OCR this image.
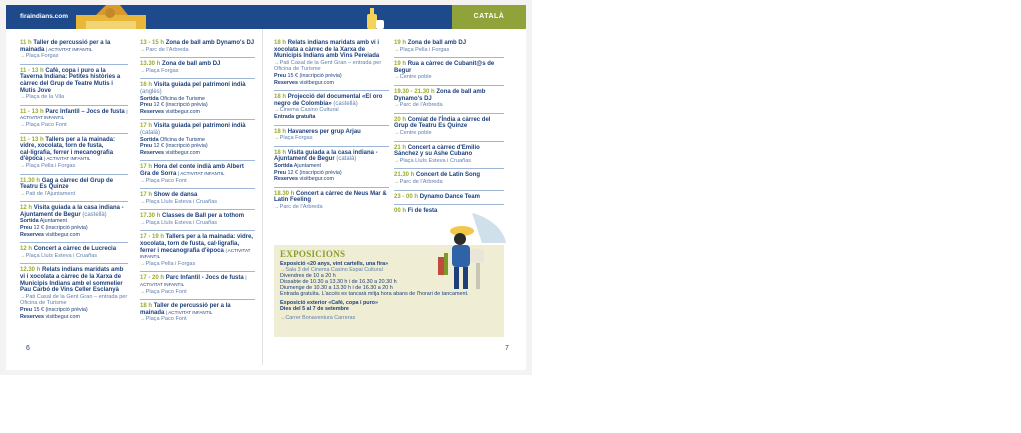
firaindians.com	CATALÀ
11 h Taller de percussió per a la mainada | ACTIVITAT INFANTIL
→ Plaça Forgas
11 - 13 h Cafè, copa i puro a la Taverna Indiana: Petites històries a càrrec del Grup de Teatre Mutis i Mutis Jove
→ Plaça de la Vila
11 - 13 h Parc Infantil – Jocs de fusta | ACTIVITAT INFANTIL
→ Plaça Paco Font
11 - 13 h Tallers per a la mainada: vidre, xocolata, torn de fusta, cal·ligrafia, ferrer i mecanografia d'època | ACTIVITAT INFANTIL
→ Plaça Pella i Forgas
11.30 h Gag a càrrec del Grup de Teatru Es Quinze
→ Pati de l'Ajuntament
12 h Visita guiada a la casa indiana - Ajuntament de Begur (castellà)
Sortida Ajuntament
Preu 12 € (inscripció prèvia)
Reserves visitbegur.com
12 h Concert a càrrec de Lucrecia
→ Plaça Lluís Esteva i Cruañas
12.30 h Relats indians maridats amb vi i xocolata a càrrec de la Xarxa de Municipis Indians amb el sommelier Pau Carbó de Vins Celler Esclanyà
→ Pati Casal de la Gent Gran – entrada per Oficina de Turisme
Preu 15 € (inscripció prèvia)
Reserves visitbegur.com
13 - 15 h Zona de ball amb Dynamo's DJ
→ Parc de l'Arbreda
13.30 h Zona de ball amb DJ
→ Plaça Forgas
16 h Visita guiada pel patrimoni indià (anglès)
Sortida Oficina de Turisme
Preu 12 € (inscripció prèvia)
Reserves visitbegur.com
17 h Visita guiada pel patrimoni indià (català)
Sortida Oficina de Turisme
Preu 12 € (inscripció prèvia)
Reserves visitbegur.com
17 h Hora del conte indià amb Albert Gra de Sorra | ACTIVITAT INFANTIL
→ Plaça Paco Font
17 h Show de dansa
→ Plaça Lluís Esteva i Cruañas
17.30 h Classes de Ball per a tothom
→ Plaça Lluís Esteva i Cruañas
17 - 19 h Tallers per a la mainada: vidre, xocolata, torn de fusta, cal·ligrafia, ferrer i mecanografia d'època | ACTIVITAT INFANTIL
→ Plaça Pella i Forgas
17 - 20 h Parc Infantil - Jocs de fusta | ACTIVITAT INFANTIL
→ Plaça Paco Font
18 h Taller de percussió per a la mainada | ACTIVITAT INFANTIL
→ Plaça Paco Font
18 h Relats indians maridats amb vi i xocolata a càrrec de la Xarxa de Municipis Indians amb Vins Pereiada
→ Pati Casal de la Gent Gran – entrada per Oficina de Turisme
Preu 15 € (inscripció prèvia)
Reserves visitbegur.com
18 h Projecció del documental «El oro negro de Colombia» (castellà)
→ Cinema Casino Cultural
Entrada gratuïta
18 h Havaneres per grup Arjau
→ Plaça Forgas
18 h Visita guiada a la casa indiana - Ajuntament de Begur (català)
Sortida Ajuntament
Preu 12 € (inscripció prèvia)
Reserves visitbegur.com
18.30 h Concert a càrrec de Neus Mar & Latin Feeling
→ Parc de l'Arbreda
19 h Zona de ball amb DJ
→ Plaça Pella i Forgas
19 h Rua a càrrec de Cubanit@s de Begur
→ Centre poble
19.30 - 21.30 h Zona de ball amb Dynamo's DJ
→ Parc de l'Arbreda
20 h Comiat de l'Índia a càrrec del Grup de Teatru Es Quinze
→ Centre poble
21 h Concert a càrrec d'Emilio Sánchez y su Ashe Cubano
→ Plaça Lluís Esteva i Cruañas
21.30 h Concert de Latin Song
→ Parc de l'Arbreda
23 - 00 h Dynamo Dance Team
00 h Fi de festa
EXPOSICIONS

Exposició «20 anys, vint cartells, una fira»

→ Sala 3 del Cinema Casino Espai Cultural

Divendres de 10 a 20 h

Dissabte de 10.30 a 13.30 h i de 16.30 a 20.30 h

Diumenge de 10.30 a 13.30 h i de 16.30 a 20 h

Entrada gratuïta. L'accés es tancarà mitja hora abans de l'horari de tancament.

Exposició exterior «Cafè, copa i puro»

Dies del 5 al 7 de setembre

→ Carrer Bonaventura Carreras

6	7
